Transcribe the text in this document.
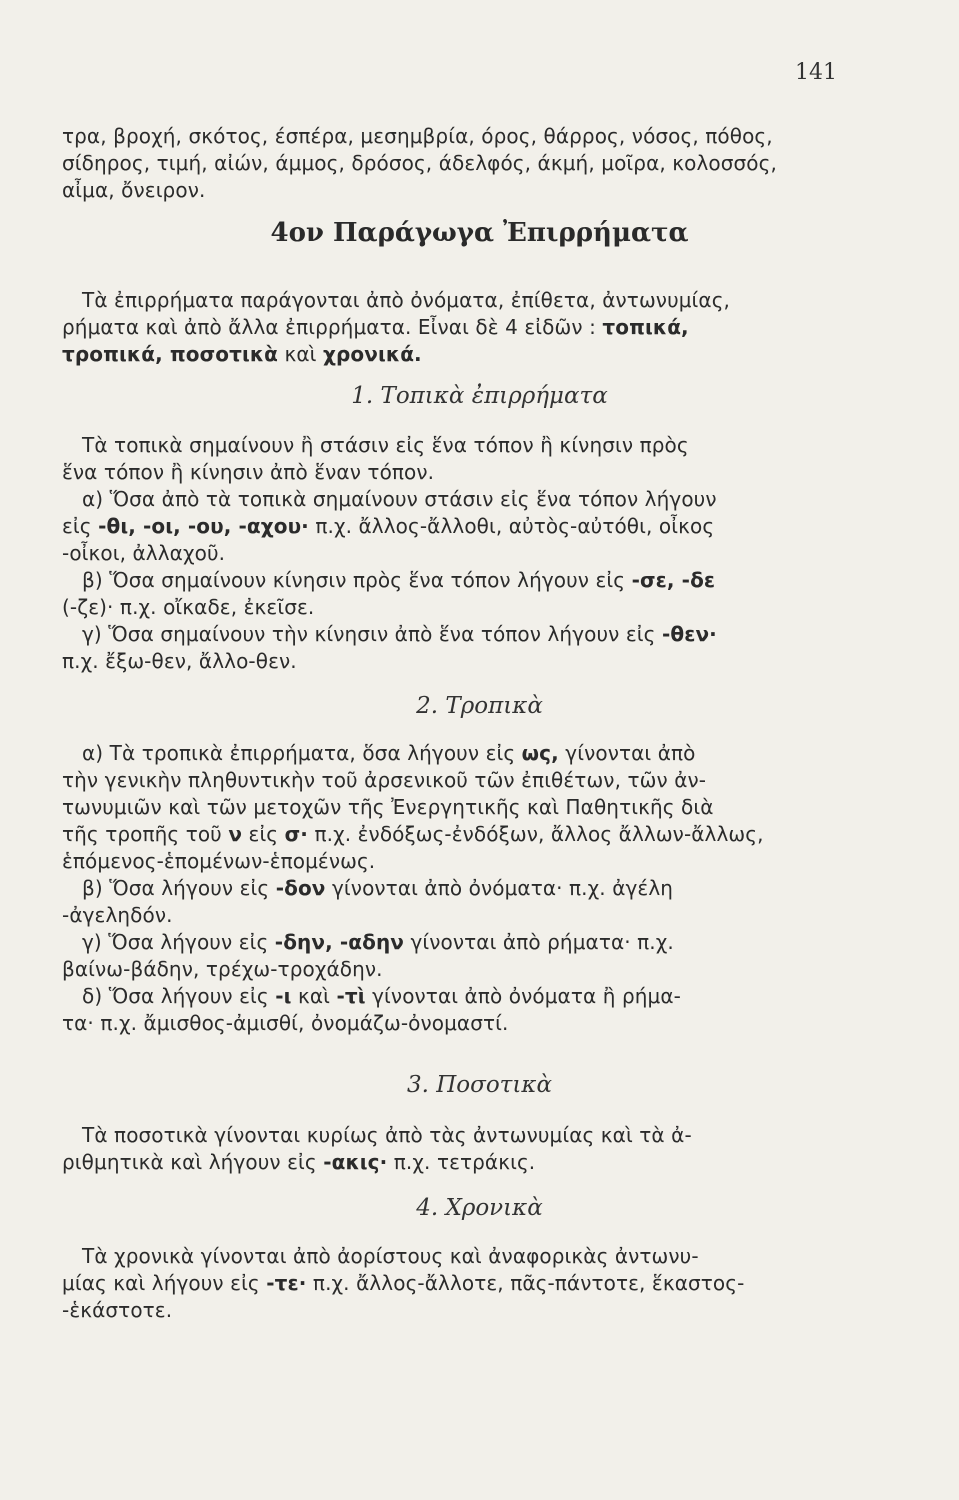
141
τρα, βροχή, σκότος, έσπέρα, μεσημβρία, όρος, θάρρος, νόσος, πόθος,
σίδηρος, τιμή, αἰών, άμμος, δρόσος, άδελφός, άκμή, μοῖρα, κολοσσός,
αἶμα, ὄνειρον.
4ον Παράγωγα Ἐπιρρήματα
Τὰ ἐπιρρήματα παράγονται ἀπὸ ὀνόματα, ἐπίθετα, ἀντωνυμίας,
ρήματα καὶ ἀπὸ ἄλλα ἐπιρρήματα. Εἶναι δὲ 4 εἰδῶν : τοπικά,
τροπικά, ποσοτικὰ καὶ χρονικά.
1. Τοπικὰ ἐπιρρήματα
Τὰ τοπικὰ σημαίνουν ἢ στάσιν εἰς ἕνα τόπον ἢ κίνησιν πρὸς
ἕνα τόπον ἢ κίνησιν ἀπὸ ἕναν τόπον.
α) Ὅσα ἀπὸ τὰ τοπικὰ σημαίνουν στάσιν εἰς ἕνα τόπον λήγουν
εἰς -θι, -οι, -ου, -αχου· π.χ. ἄλλος-ἄλλοθι, αὐτὸς-αὐτόθι, οἶκος
-οἶκοι, ἀλλαχοῦ.
β) Ὅσα σημαίνουν κίνησιν πρὸς ἕνα τόπον λήγουν εἰς -σε, -δε
(-ζε)· π.χ. οἴκαδε, ἐκεῖσε.
γ) Ὅσα σημαίνουν τὴν κίνησιν ἀπὸ ἕνα τόπον λήγουν εἰς -θεν·
π.χ. ἔξω-θεν, ἄλλο-θεν.
2. Τροπικὰ
α) Τὰ τροπικὰ ἐπιρρήματα, ὅσα λήγουν εἰς ως, γίνονται ἀπὸ
τὴν γενικὴν πληθυντικὴν τοῦ ἀρσενικοῦ τῶν ἐπιθέτων, τῶν ἀν-
τωνυμιῶν καὶ τῶν μετοχῶν τῆς Ἐνεργητικῆς καὶ Παθητικῆς διὰ
τῆς τροπῆς τοῦ ν εἰς σ· π.χ. ἐνδόξως-ἐνδόξων, ἄλλος ἄλλων-ἄλλως,
ἑπόμενος-ἑπομένων-ἑπομένως.
β) Ὅσα λήγουν εἰς -δον γίνονται ἀπὸ ὀνόματα· π.χ. ἀγέλη
-ἀγεληδόν.
γ) Ὅσα λήγουν εἰς -δην, -αδην γίνονται ἀπὸ ρήματα· π.χ.
βαίνω-βάδην, τρέχω-τροχάδην.
δ) Ὅσα λήγουν εἰς -ι καὶ -τὶ γίνονται ἀπὸ ὀνόματα ἢ ρήμα-
τα· π.χ. ἄμισθος-ἀμισθί, ὀνομάζω-ὀνομαστί.
3. Ποσοτικὰ
Τὰ ποσοτικὰ γίνονται κυρίως ἀπὸ τὰς ἀντωνυμίας καὶ τὰ ἀ-
ριθμητικὰ καὶ λήγουν εἰς -ακις· π.χ. τετράκις.
4. Χρονικὰ
Τὰ χρονικὰ γίνονται ἀπὸ ἀορίστους καὶ ἀναφορικὰς ἀντωνυ-
μίας καὶ λήγουν εἰς -τε· π.χ. ἄλλος-ἄλλοτε, πᾶς-πάντοτε, ἕκαστος-
-ἑκάστοτε.
